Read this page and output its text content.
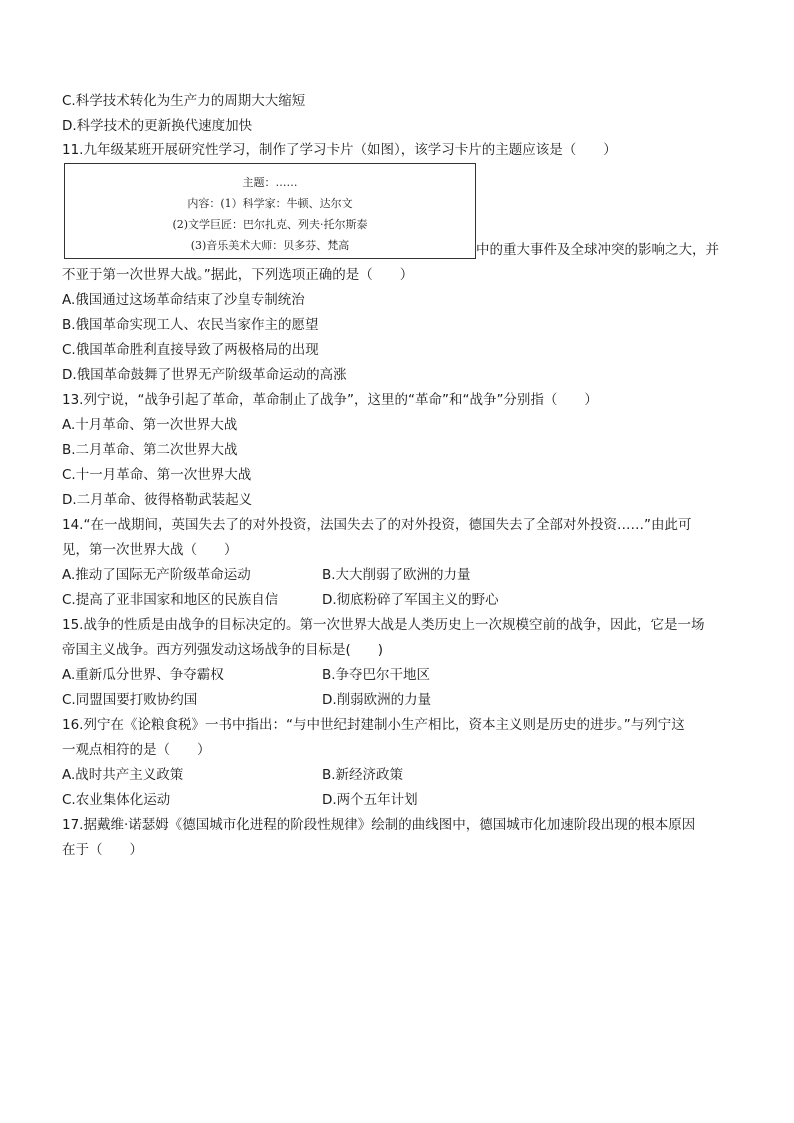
C.科学技术转化为生产力的周期大大缩短
D.科学技术的更新换代速度加快
11.九年级某班开展研究性学习，制作了学习卡片（如图），该学习卡片的主题应该是（　　）
主题：……
内容：(1）科学家：牛顿、达尔文
(2)文学巨匠：巴尔扎克、列夫·托尔斯泰
(3)音乐美术大师：贝多芬、梵高	中的重大事件及全球冲突的影响之大，并
不亚于第一次世界大战。”据此，下列选项正确的是（　　）
A.俄国通过这场革命结束了沙皇专制统治
B.俄国革命实现工人、农民当家作主的愿望
C.俄国革命胜利直接导致了两极格局的出现
D.俄国革命鼓舞了世界无产阶级革命运动的高涨
13.列宁说，“战争引起了革命，革命制止了战争”，这里的“革命”和“战争”分别指（　　）
A.十月革命、第一次世界大战
B.二月革命、第二次世界大战
C.十一月革命、第一次世界大战
D.二月革命、彼得格勒武装起义
14.“在一战期间，英国失去了的对外投资，法国失去了的对外投资，德国失去了全部对外投资……”由此可
见，第一次世界大战（　　）
A.推动了国际无产阶级革命运动	B.大大削弱了欧洲的力量
C.提高了亚非国家和地区的民族自信	D.彻底粉碎了军国主义的野心
15.战争的性质是由战争的目标决定的。第一次世界大战是人类历史上一次规模空前的战争，因此，它是一场
帝国主义战争。西方列强发动这场战争的目标是(　　)
A.重新瓜分世界、争夺霸权	B.争夺巴尔干地区
C.同盟国要打败协约国	D.削弱欧洲的力量
16.列宁在《论粮食税》一书中指出：“与中世纪封建制小生产相比，资本主义则是历史的进步。”与列宁这
一观点相符的是（　　）
A.战时共产主义政策	B.新经济政策
C.农业集体化运动	D.两个五年计划
17.据戴维·诺瑟姆《德国城市化进程的阶段性规律》绘制的曲线图中，德国城市化加速阶段出现的根本原因
在于（　　）
